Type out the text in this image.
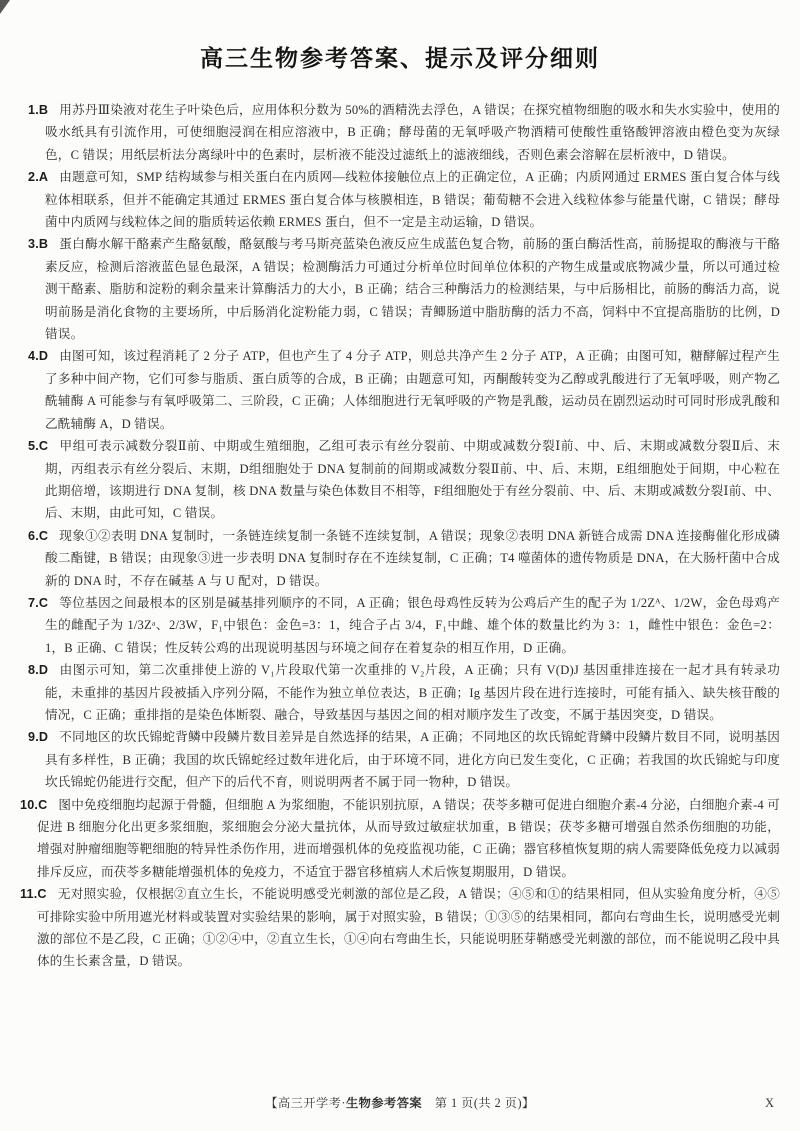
高三生物参考答案、提示及评分细则

1.B 用苏丹Ⅲ染液对花生子叶染色后，应用体积分数为 50%的酒精洗去浮色，A 错误；在探究植物细胞的吸水和失水实验中，使用的吸水纸具有引流作用，可使细胞浸润在相应溶液中，B 正确；酵母菌的无氧呼吸产物酒精可使酸性重铬酸钾溶液由橙色变为灰绿色，C 错误；用纸层析法分离绿叶中的色素时，层析液不能没过滤纸上的滤液细线，否则色素会溶解在层析液中，D 错误。

2.A 由题意可知，SMP 结构域参与相关蛋白在内质网—线粒体接触位点上的正确定位，A 正确；内质网通过 ERMES 蛋白复合体与线粒体相联系，但并不能确定其通过 ERMES 蛋白复合体与核膜相连，B 错误；葡萄糖不会进入线粒体参与能量代谢，C 错误；酵母菌中内质网与线粒体之间的脂质转运依赖 ERMES 蛋白，但不一定是主动运输，D 错误。

3.B 蛋白酶水解干酪素产生酪氨酸，酪氨酸与考马斯亮蓝染色液反应生成蓝色复合物，前肠的蛋白酶活性高，前肠提取的酶液与干酪素反应，检测后溶液蓝色显色最深，A 错误；检测酶活力可通过分析单位时间单位体积的产物生成量或底物减少量，所以可通过检测干酪素、脂肪和淀粉的剩余量来计算酶活力的大小，B 正确；结合三种酶活力的检测结果，与中后肠相比，前肠的酶活力高，说明前肠是消化食物的主要场所，中后肠消化淀粉能力弱，C 错误；青鲫肠道中脂肪酶的活力不高，饲料中不宜提高脂肪的比例，D 错误。

4.D 由图可知，该过程消耗了 2 分子 ATP，但也产生了 4 分子 ATP，则总共净产生 2 分子 ATP，A 正确；由图可知，糖酵解过程产生了多种中间产物，它们可参与脂质、蛋白质等的合成，B 正确；由题意可知，丙酮酸转变为乙醇或乳酸进行了无氧呼吸，则产物乙酰辅酶 A 可能参与有氧呼吸第二、三阶段，C 正确；人体细胞进行无氧呼吸的产物是乳酸，运动员在剧烈运动时可同时形成乳酸和乙酰辅酶 A，D 错误。

5.C 甲组可表示减数分裂Ⅱ前、中期或生殖细胞，乙组可表示有丝分裂前、中期或减数分裂Ⅰ前、中、后、末期或减数分裂Ⅱ后、末期，丙组表示有丝分裂后、末期，D组细胞处于 DNA 复制前的间期或减数分裂Ⅱ前、中、后、末期，E组细胞处于间期，中心粒在此期倍增，该期进行 DNA 复制，核 DNA 数量与染色体数目不相等，F组细胞处于有丝分裂前、中、后、末期或减数分裂Ⅰ前、中、后、末期，由此可知，C 错误。

6.C 现象①②表明 DNA 复制时，一条链连续复制一条链不连续复制，A 错误；现象②表明 DNA 新链合成需 DNA 连接酶催化形成磷酸二酯键，B 错误；由现象③进一步表明 DNA 复制时存在不连续复制，C 正确；T4 噬菌体的遗传物质是 DNA，在大肠杆菌中合成新的 DNA 时，不存在碱基 A 与 U 配对，D 错误。

7.C 等位基因之间最根本的区别是碱基排列顺序的不同，A 正确；银色母鸡性反转为公鸡后产生的配子为 1/2Zᴬ、1/2W，金色母鸡产生的雌配子为 1/3Zᵃ、2/3W，F₁中银色：金色=3：1，纯合子占 3/4，F₁中雌、雄个体的数量比约为 3：1，雌性中银色：金色=2：1，B 正确、C 错误；性反转公鸡的出现说明基因与环境之间存在着复杂的相互作用，D 正确。

8.D 由图示可知，第二次重排使上游的 V₁片段取代第一次重排的 V₂片段，A 正确；只有 V(D)J 基因重排连接在一起才具有转录功能，未重排的基因片段被插入序列分隔，不能作为独立单位表达，B 正确；Ig 基因片段在进行连接时，可能有插入、缺失核苷酸的情况，C 正确；重排指的是染色体断裂、融合，导致基因与基因之间的相对顺序发生了改变，不属于基因突变，D 错误。

9.D 不同地区的坎氏锦蛇背鳞中段鳞片数目差异是自然选择的结果，A 正确；不同地区的坎氏锦蛇背鳞中段鳞片数目不同，说明基因具有多样性，B 正确；我国的坎氏锦蛇经过数年进化后，由于环境不同，进化方向已发生变化，C 正确；若我国的坎氏锦蛇与印度坎氏锦蛇仍能进行交配，但产下的后代不育，则说明两者不属于同一物种，D 错误。

10.C 图中免疫细胞均起源于骨髓，但细胞 A 为浆细胞，不能识别抗原，A 错误；茯苓多糖可促进白细胞介素-4 分泌，白细胞介素-4 可促进 B 细胞分化出更多浆细胞，浆细胞会分泌大量抗体，从而导致过敏症状加重，B 错误；茯苓多糖可增强自然杀伤细胞的功能，增强对肿瘤细胞等靶细胞的特异性杀伤作用，进而增强机体的免疫监视功能，C 正确；器官移植恢复期的病人需要降低免疫力以减弱排斥反应，而茯苓多糖能增强机体的免疫力，不适宜于器官移植病人术后恢复期服用，D 错误。

11.C 无对照实验，仅根据②直立生长，不能说明感受光刺激的部位是乙段，A 错误；④⑤和①的结果相同，但从实验角度分析，④⑤可排除实验中所用遮光材料或装置对实验结果的影响，属于对照实验，B 错误；①③⑤的结果相同，都向右弯曲生长，说明感受光刺激的部位不是乙段，C 正确；①②④中，②直立生长，①④向右弯曲生长，只能说明胚芽鞘感受光刺激的部位，而不能说明乙段中具体的生长素含量，D 错误。

【高三开学考·生物参考答案　第 1 页(共 2 页)】	X
